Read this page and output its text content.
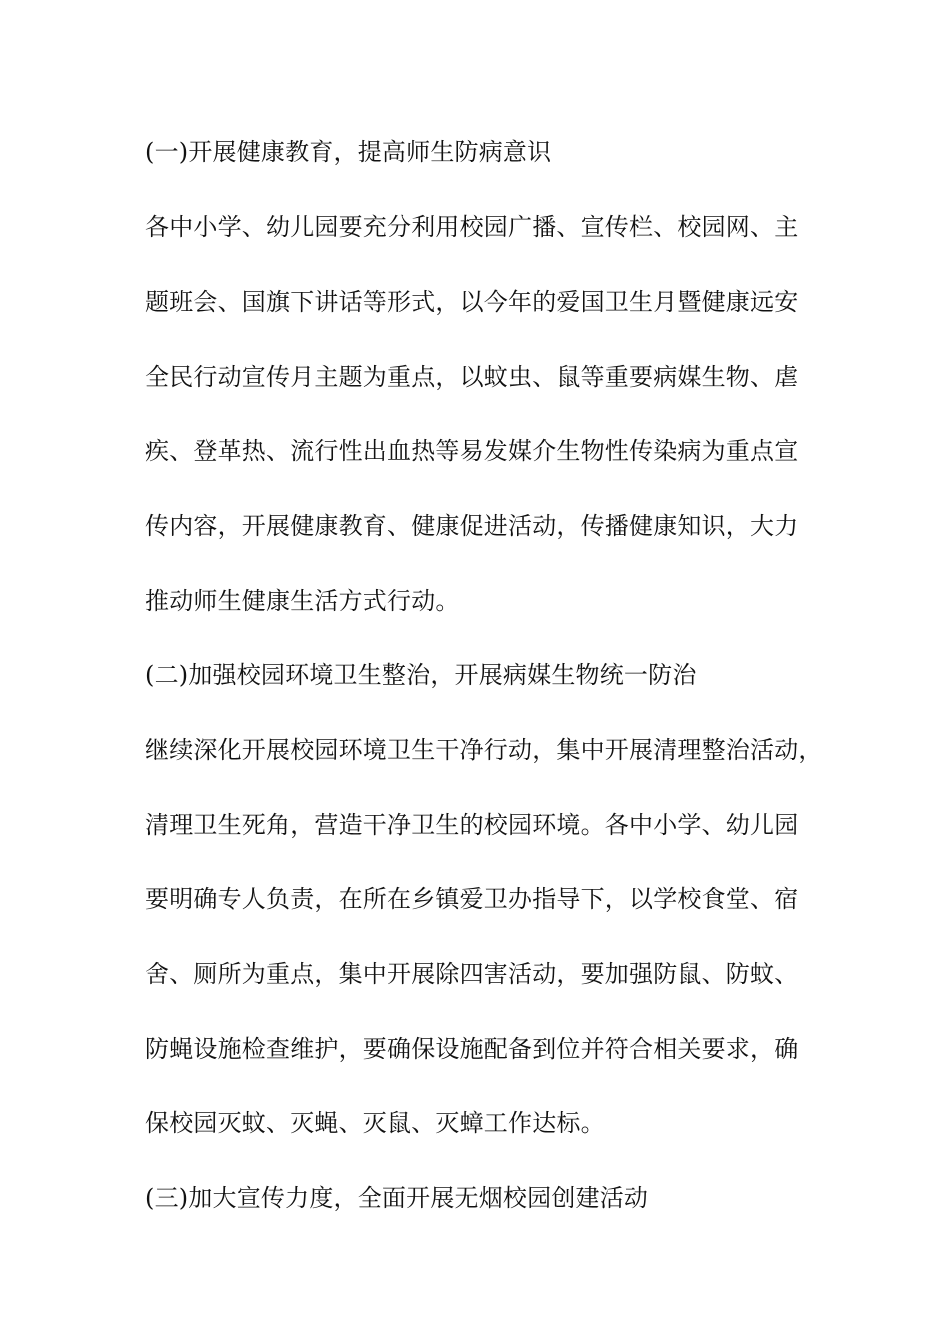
(一)开展健康教育，提高师生防病意识
各中小学、幼儿园要充分利用校园广播、宣传栏、校园网、主
题班会、国旗下讲话等形式，以今年的爱国卫生月暨健康远安
全民行动宣传月主题为重点，以蚊虫、鼠等重要病媒生物、虐
疾、登革热、流行性出血热等易发媒介生物性传染病为重点宣
传内容，开展健康教育、健康促进活动，传播健康知识，大力
推动师生健康生活方式行动。
(二)加强校园环境卫生整治，开展病媒生物统一防治
继续深化开展校园环境卫生干净行动，集中开展清理整治活动，
清理卫生死角，营造干净卫生的校园环境。各中小学、幼儿园
要明确专人负责，在所在乡镇爱卫办指导下，以学校食堂、宿
舍、厕所为重点，集中开展除四害活动，要加强防鼠、防蚊、
防蝇设施检查维护，要确保设施配备到位并符合相关要求，确
保校园灭蚊、灭蝇、灭鼠、灭蟑工作达标。
(三)加大宣传力度，全面开展无烟校园创建活动
